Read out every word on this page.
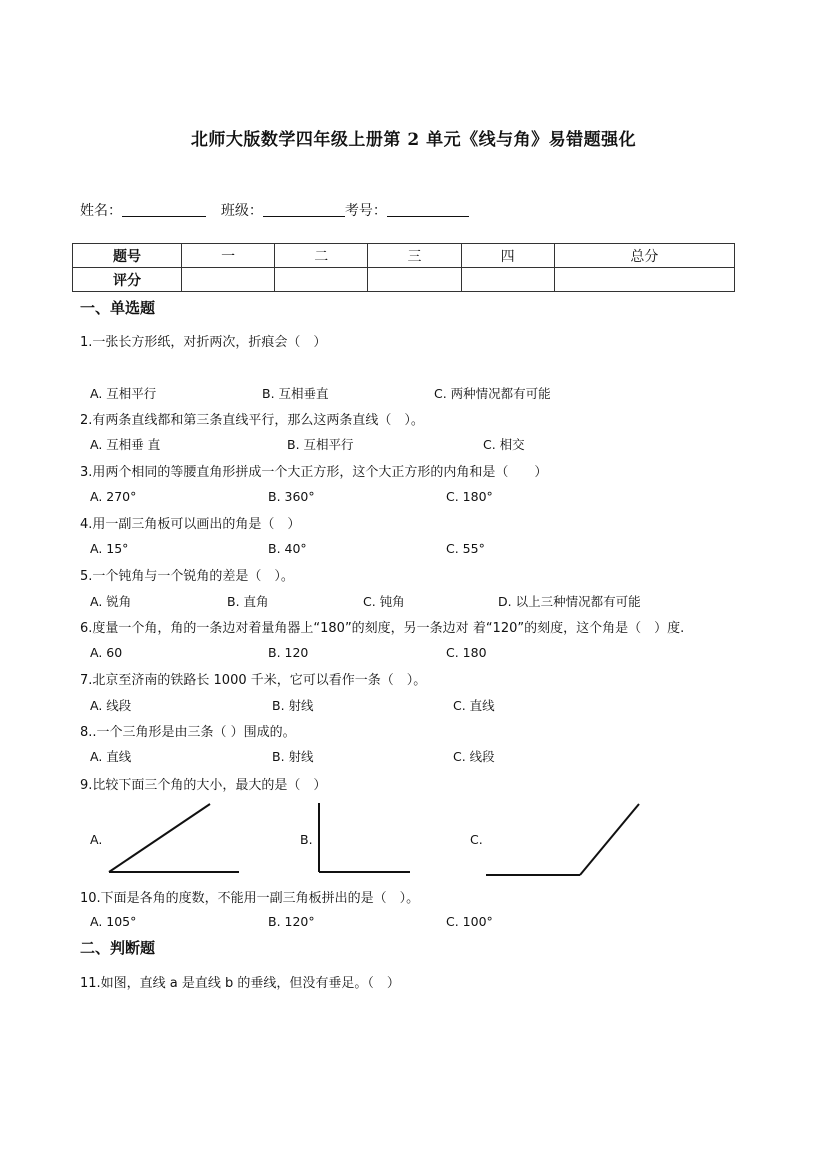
北师大版数学四年级上册第 2 单元《线与角》易错题强化
姓名：	班级：	考号：
题号	一	二	三	四	总分
评分					
一、单选题
1.一张长方形纸，对折两次，折痕会（　）
A. 互相平行	B. 互相垂直	C. 两种情况都有可能
2.有两条直线都和第三条直线平行，那么这两条直线（　）。
A. 互相垂 直	B. 互相平行	C. 相交
3.用两个相同的等腰直角形拼成一个大正方形，这个大正方形的内角和是（　　）
A. 270°	B. 360°	C. 180°
4.用一副三角板可以画出的角是（　）
A. 15°	B. 40°	C. 55°
5.一个钝角与一个锐角的差是（　）。
A. 锐角	B. 直角	C. 钝角	D. 以上三种情况都有可能
6.度量一个角，角的一条边对着量角器上“180”的刻度，另一条边对 着“120”的刻度，这个角是（　）度.
A. 60	B. 120	C. 180
7.北京至济南的铁路长 1000 千米，它可以看作一条（　）。
A. 线段	B. 射线	C. 直线
8..一个三角形是由三条（ ）围成的。
A. 直线	B. 射线	C. 线段
9.比较下面三个角的大小，最大的是（　）
A.	B.	C.
10.下面是各角的度数，不能用一副三角板拼出的是（　）。
A. 105°	B. 120°	C. 100°
二、判断题
11.如图，直线 a 是直线 b 的垂线，但没有垂足。（　）
